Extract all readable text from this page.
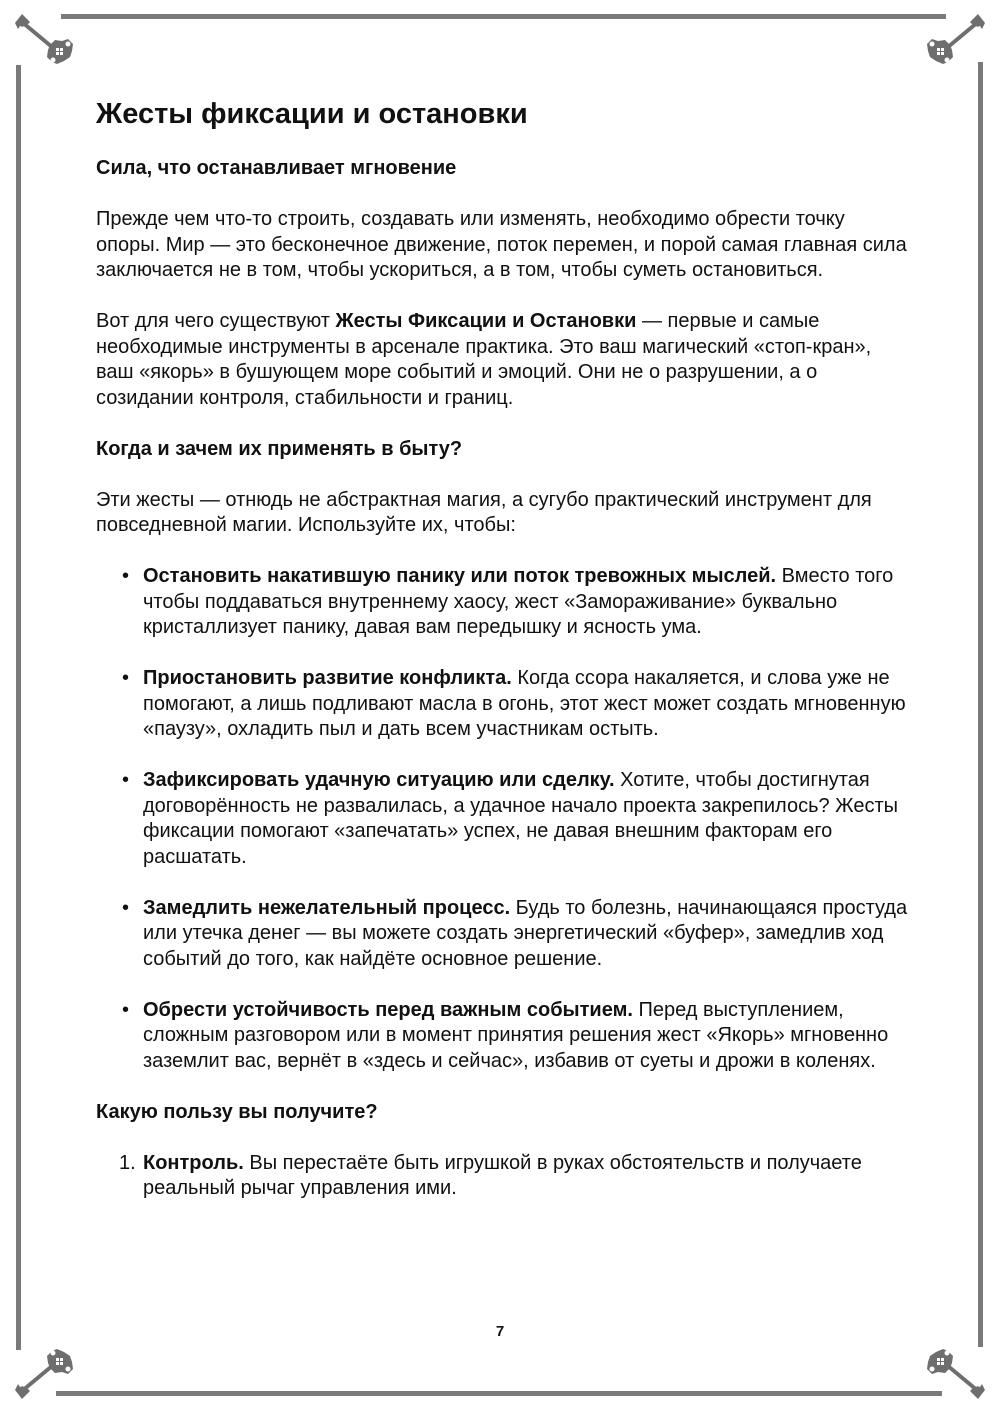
Жесты фиксации и остановки
Сила, что останавливает мгновение

Прежде чем что-то строить, создавать или изменять, необходимо обрести точку опоры. Мир — это бесконечное движение, поток перемен, и порой самая главная сила заключается не в том, чтобы ускориться, а в том, чтобы суметь остановиться.

Вот для чего существуют Жесты Фиксации и Остановки — первые и самые необходимые инструменты в арсенале практика. Это ваш магический «стоп-кран», ваш «якорь» в бушующем море событий и эмоций. Они не о разрушении, а о созидании контроля, стабильности и границ.

Когда и зачем их применять в быту?

Эти жесты — отнюдь не абстрактная магия, а сугубо практический инструмент для повседневной магии. Используйте их, чтобы:

• Остановить накатившую панику или поток тревожных мыслей. Вместо того чтобы поддаваться внутреннему хаосу, жест «Замораживание» буквально кристаллизует панику, давая вам передышку и ясность ума.
• Приостановить развитие конфликта. Когда ссора накаляется, и слова уже не помогают, а лишь подливают масла в огонь, этот жест может создать мгновенную «паузу», охладить пыл и дать всем участникам остыть.
• Зафиксировать удачную ситуацию или сделку. Хотите, чтобы достигнутая договорённость не развалилась, а удачное начало проекта закрепилось? Жесты фиксации помогают «запечатать» успех, не давая внешним факторам его расшатать.
• Замедлить нежелательный процесс. Будь то болезнь, начинающаяся простуда или утечка денег — вы можете создать энергетический «буфер», замедлив ход событий до того, как найдёте основное решение.
• Обрести устойчивость перед важным событием. Перед выступлением, сложным разговором или в момент принятия решения жест «Якорь» мгновенно заземлит вас, вернёт в «здесь и сейчас», избавив от суеты и дрожи в коленях.
Какую пользу вы получите?
1. Контроль. Вы перестаёте быть игрушкой в руках обстоятельств и получаете реальный рычаг управления ими.
7
